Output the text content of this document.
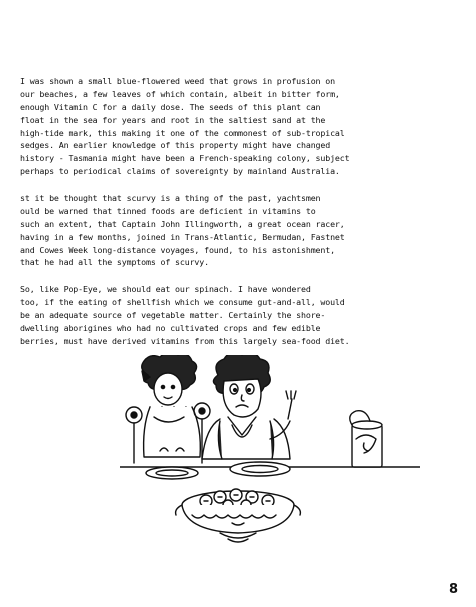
I was shown a small blue-flowered weed that grows in profusion on
our beaches, a few leaves of which contain, albeit in bitter form,
enough Vitamin C for a daily dose. The seeds of this plant can
float in the sea for years and root in the saltiest sand at the
high-tide mark, this making it one of the commonest of sub-tropical
sedges. An earlier knowledge of this property might have changed
history - Tasmania might have been a French-speaking colony, subject
perhaps to periodical claims of sovereignty by mainland Australia.
st it be thought that scurvy is a thing of the past, yachtsmen
ould be warned that tinned foods are deficient in vitamins to
such an extent, that Captain John Illingworth, a great ocean racer,
having in a few months, joined in Trans-Atlantic, Bermudan, Fastnet
and Cowes Week long-distance voyages, found, to his astonishment,
that he had all the symptoms of scurvy.
So, like Pop-Eye, we should eat our spinach. I have wondered
too, if the eating of shellfish which we consume gut-and-all, would
be an adequate source of vegetable matter. Certainly the shore-
dwelling aborigines who had no cultivated crops and few edible
berries, must have derived vitamins from this largely sea-food diet.
8
